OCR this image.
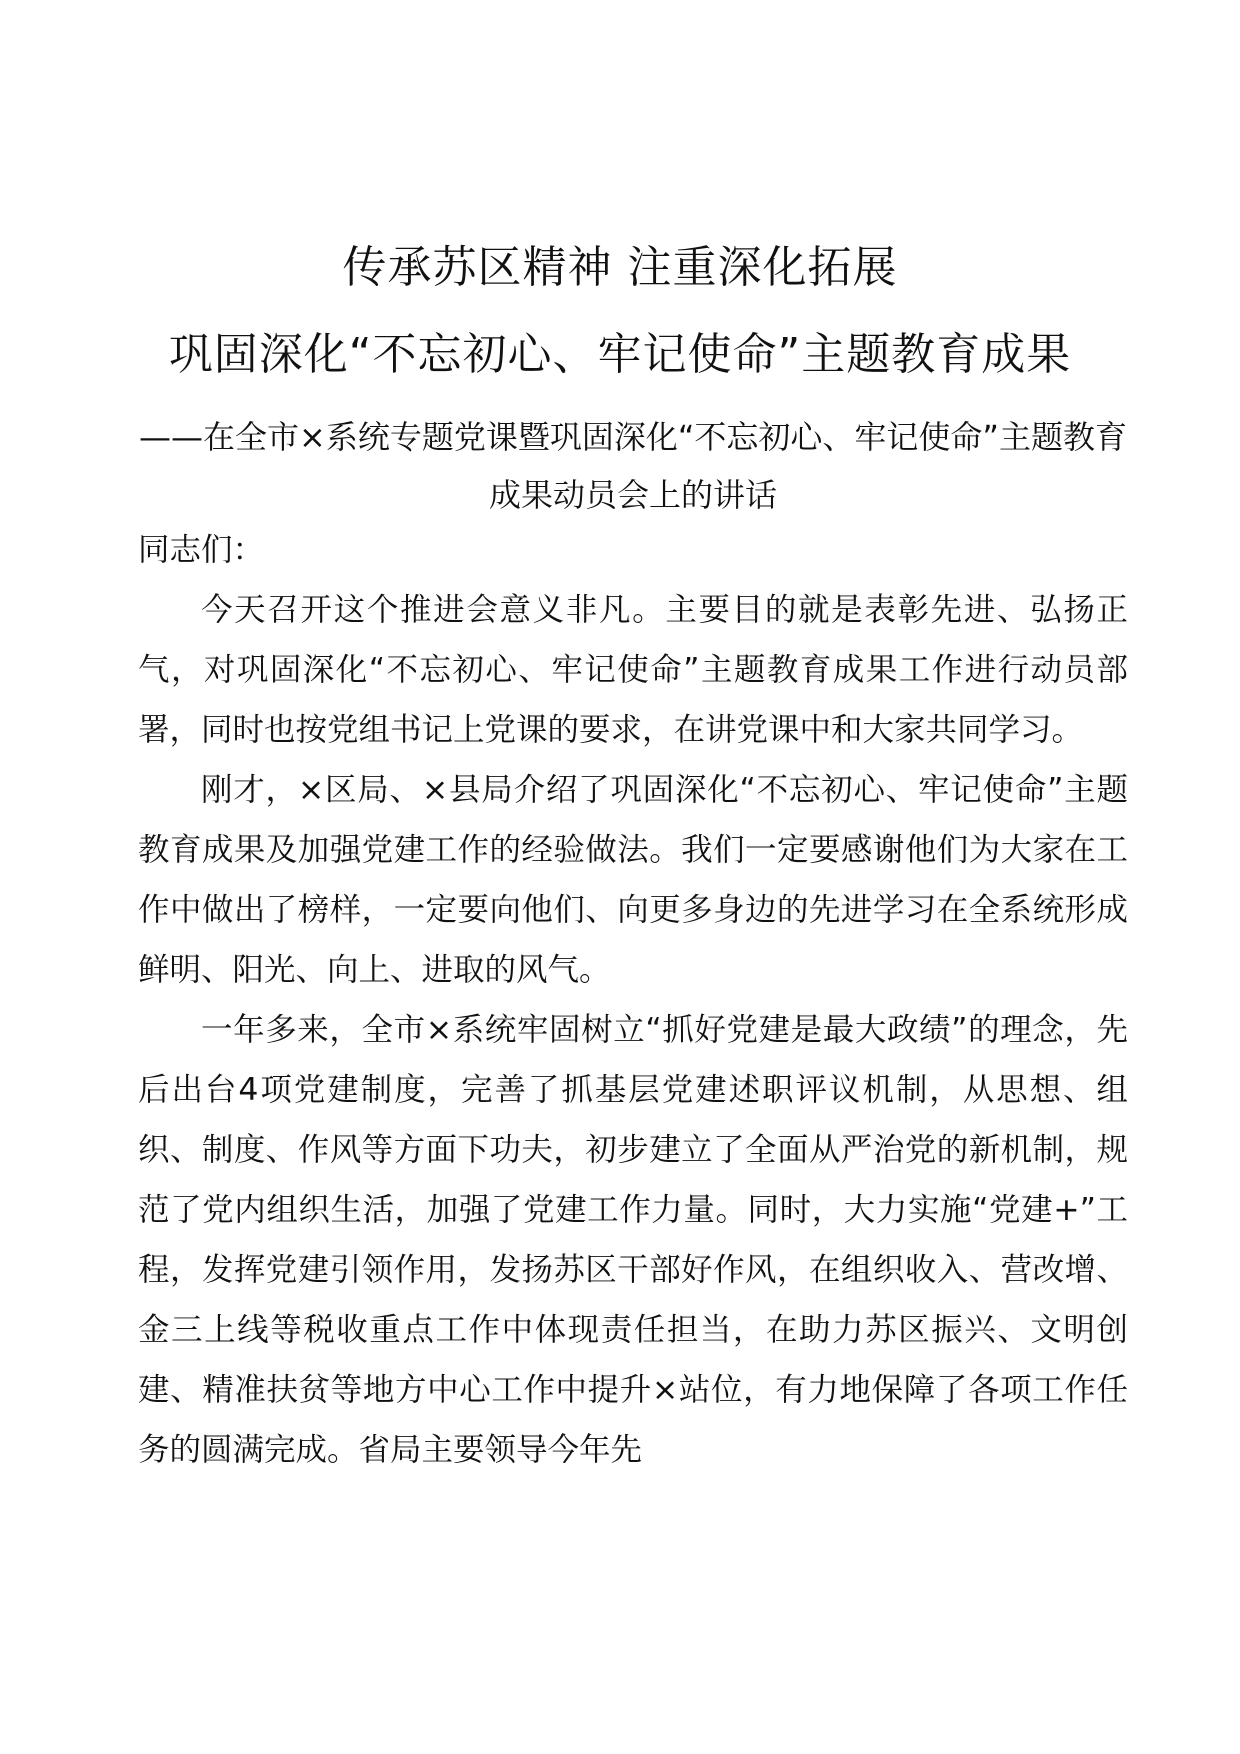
传承苏区精神 注重深化拓展
巩固深化“不忘初心、牢记使命”主题教育成果
——在全市×系统专题党课暨巩固深化“不忘初心、牢记使命”主题教育成果动员会上的讲话

同志们：

今天召开这个推进会意义非凡。主要目的就是表彰先进、弘扬正气，对巩固深化“不忘初心、牢记使命”主题教育成果工作进行动员部署，同时也按党组书记上党课的要求，在讲党课中和大家共同学习。

刚才，×区局、×县局介绍了巩固深化“不忘初心、牢记使命”主题教育成果及加强党建工作的经验做法。我们一定要感谢他们为大家在工作中做出了榜样，一定要向他们、向更多身边的先进学习在全系统形成鲜明、阳光、向上、进取的风气。

一年多来，全市×系统牢固树立“抓好党建是最大政绩”的理念，先后出台4项党建制度，完善了抓基层党建述职评议机制，从思想、组织、制度、作风等方面下功夫，初步建立了全面从严治党的新机制，规范了党内组织生活，加强了党建工作力量。同时，大力实施“党建+”工程，发挥党建引领作用，发扬苏区干部好作风，在组织收入、营改增、金三上线等税收重点工作中体现责任担当，在助力苏区振兴、文明创建、精准扶贫等地方中心工作中提升×站位，有力地保障了各项工作任务的圆满完成。省局主要领导今年先
